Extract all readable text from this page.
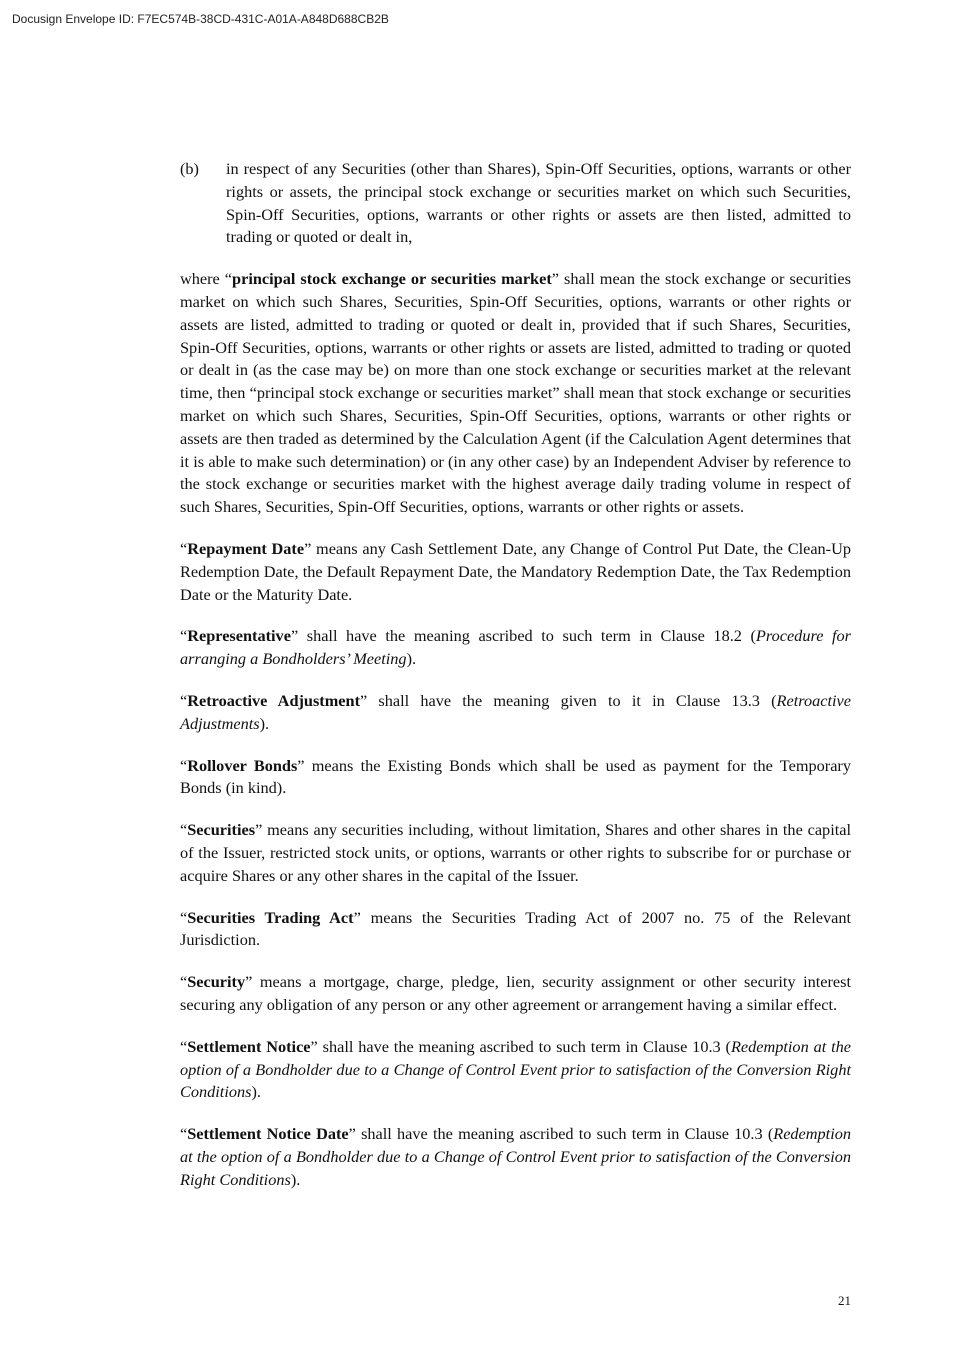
Docusign Envelope ID: F7EC574B-38CD-431C-A01A-A848D688CB2B
(b)	in respect of any Securities (other than Shares), Spin-Off Securities, options, warrants or other rights or assets, the principal stock exchange or securities market on which such Securities, Spin-Off Securities, options, warrants or other rights or assets are then listed, admitted to trading or quoted or dealt in,

where “principal stock exchange or securities market” shall mean the stock exchange or securities market on which such Shares, Securities, Spin-Off Securities, options, warrants or other rights or assets are listed, admitted to trading or quoted or dealt in, provided that if such Shares, Securities, Spin-Off Securities, options, warrants or other rights or assets are listed, admitted to trading or quoted or dealt in (as the case may be) on more than one stock exchange or securities market at the relevant time, then “principal stock exchange or securities market” shall mean that stock exchange or securities market on which such Shares, Securities, Spin-Off Securities, options, warrants or other rights or assets are then traded as determined by the Calculation Agent (if the Calculation Agent determines that it is able to make such determination) or (in any other case) by an Independent Adviser by reference to the stock exchange or securities market with the highest average daily trading volume in respect of such Shares, Securities, Spin-Off Securities, options, warrants or other rights or assets.

“Repayment Date” means any Cash Settlement Date, any Change of Control Put Date, the Clean-Up Redemption Date, the Default Repayment Date, the Mandatory Redemption Date, the Tax Redemption Date or the Maturity Date.

“Representative” shall have the meaning ascribed to such term in Clause 18.2 (Procedure for arranging a Bondholders’ Meeting).

“Retroactive Adjustment” shall have the meaning given to it in Clause 13.3 (Retroactive Adjustments).

“Rollover Bonds” means the Existing Bonds which shall be used as payment for the Temporary Bonds (in kind).

“Securities” means any securities including, without limitation, Shares and other shares in the capital of the Issuer, restricted stock units, or options, warrants or other rights to subscribe for or purchase or acquire Shares or any other shares in the capital of the Issuer.

“Securities Trading Act” means the Securities Trading Act of 2007 no. 75 of the Relevant Jurisdiction.

“Security” means a mortgage, charge, pledge, lien, security assignment or other security interest securing any obligation of any person or any other agreement or arrangement having a similar effect.

“Settlement Notice” shall have the meaning ascribed to such term in Clause 10.3 (Redemption at the option of a Bondholder due to a Change of Control Event prior to satisfaction of the Conversion Right Conditions).

“Settlement Notice Date” shall have the meaning ascribed to such term in Clause 10.3 (Redemption at the option of a Bondholder due to a Change of Control Event prior to satisfaction of the Conversion Right Conditions).

21
